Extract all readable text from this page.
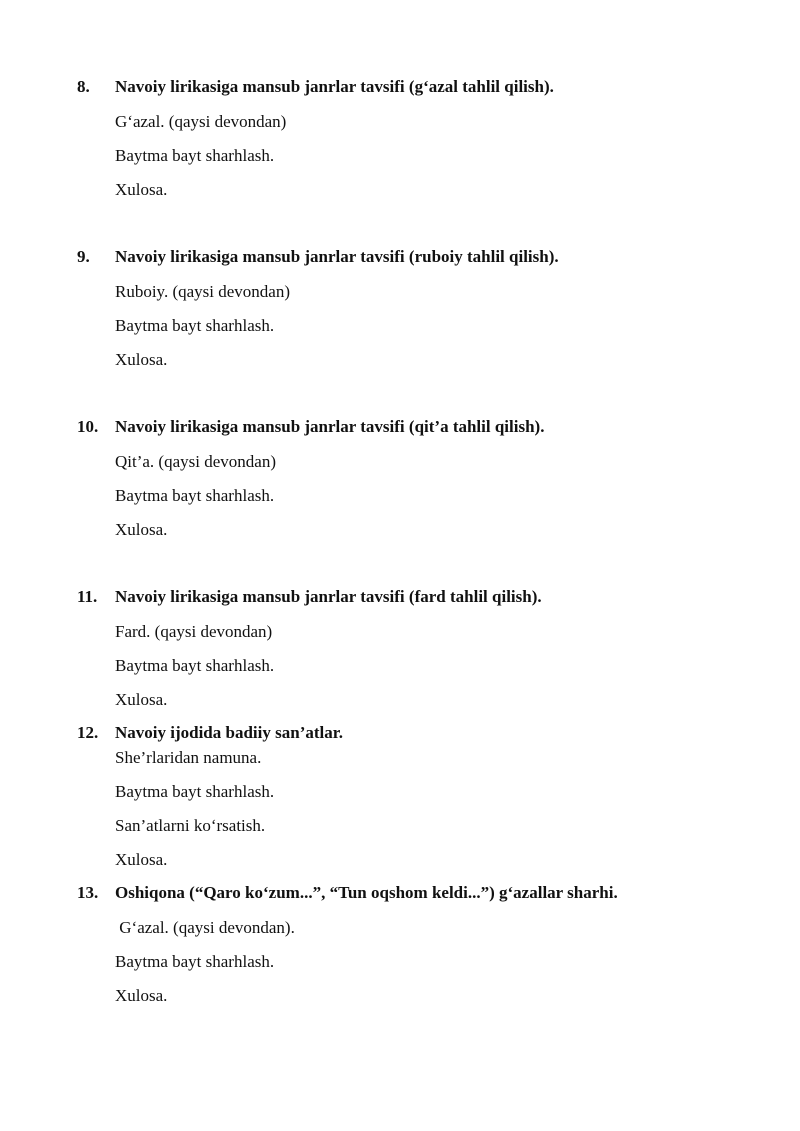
8. Navoiy lirikasiga mansub janrlar tavsifi (g‘azal tahlil qilish).
G‘azal. (qaysi devondan)
Baytma bayt sharhlash.
Xulosa.
9. Navoiy lirikasiga mansub janrlar tavsifi (ruboiy tahlil qilish).
Ruboiy. (qaysi devondan)
Baytma bayt sharhlash.
Xulosa.
10. Navoiy lirikasiga mansub janrlar tavsifi (qit’a tahlil qilish).
Qit’a. (qaysi devondan)
Baytma bayt sharhlash.
Xulosa.
11. Navoiy lirikasiga mansub janrlar tavsifi (fard tahlil qilish).
Fard. (qaysi devondan)
Baytma bayt sharhlash.
Xulosa.
12. Navoiy ijodida badiiy san’atlar.
She’rlaridan namuna.
Baytma bayt sharhlash.
San’atlarni ko‘rsatish.
Xulosa.
13. Oshiqona (“Qaro ko‘zum...”, “Tun oqshom keldi...”) g‘azallar sharhi.
G‘azal. (qaysi devondan).
Baytma bayt sharhlash.
Xulosa.
